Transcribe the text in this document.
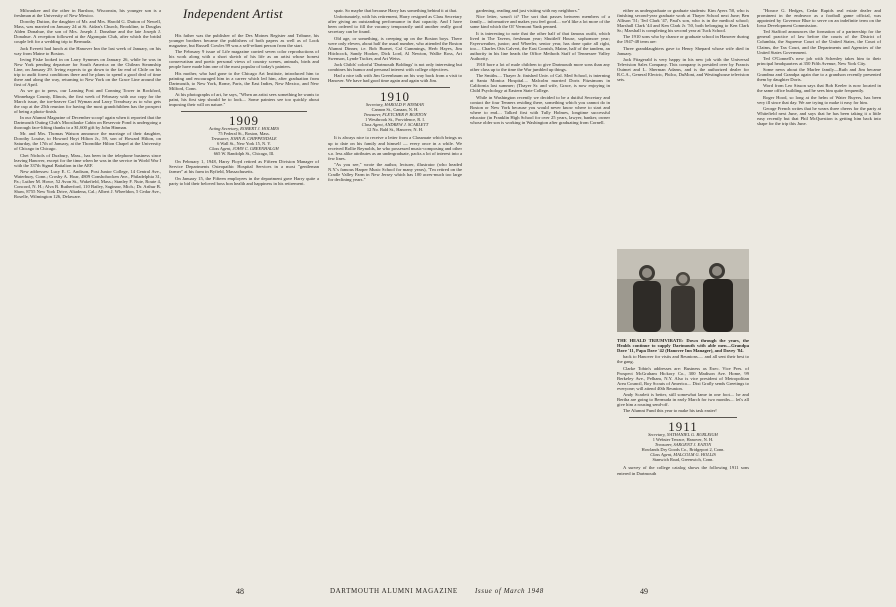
Independent Artist

Milwaukee and the other in Barsboo, Wisconsin, his younger son is a freshman at the University of New Mexico.

Dorothy Dutton, the daughter of Mr. and Mrs. Harold G. Dutton of Newell, Mass, was married on January 24 at St. Aidan's Church, Brookline, to Douglas Alden Donahue, the son of Mrs. Joseph J. Donahue and the late Joseph J. Donahue. A reception followed at the Algonquin Club, after which the bridal couple left for a wedding trip to Bermuda.

Jack Everett had lunch at the Hanover Inn the last week of January, on his way from Maine to Boston.

Irving Fiske looked in on Larry Symmes on January 26, while he was in New York pending departure for South America on the Chilean Steamship Line, on January 29. Irving expects to go down to the far end of Chile on his trip to audit forest conditions there and he plans to spend a good deal of time there and along the way, returning to New York on the Grace Line around the first of April.

As we go to press, our Lansing Post and Conning Tower in Rockford, Winnebago County, Illinois, the first week of February with our copy for the March issue, the toe-heaver Carl Wyman and Larry Treadway as to who gets the cup at the 25th reunion for having the most grandchildren has the prospect of being a photo-finish.

In our Alumni Magazine of December scoop! again when it reported that the Dartmouth Outing Club's Moosilauke Cabin on Reservoir Pond is undergoing a thorough face-lifting thanks to a $1,600 gift by John Hinman.

Mr. and Mrs. Thomas Watson announce the marriage of their daughter, Dorothy Louise, to Howard Hoyt Hilton Jr., 59, son of Howard Hilton, on Saturday, the 17th of January, at the Thorndike Hilton Chapel at the University of Chicago in Chicago.

Chet Nichols of Duxbury, Mass., has been in the telephone business since leaving Hanover, except for the time when he was in the service in World War I with the 337th Signal Battalion in the AEF.

New addresses: Lucy E. C. Andison, Post Junior College, 14 Central Ave., Waterbury, Conn.; Crosby A. Hoar, 4809 Conshohocken Ave., Philadelphia 31, Pa.; Luther M. Howe, 52 Avon St., Wakefield, Mass.; Stanley F. Nute, Route 4, Concord, N. H.; Alva B. Rutherford, 110 Bailey, Saginaw, Mich.; Dr. Arthur B. Shaw, 8755 New York Drive, Altadena, Cal.; Albert J. Wheeldon, 5 Cedar Ave., Roselle, Wilmington 126, Delaware.

His father was the publisher of the Des Moines Register and Tribune, his younger brothers became the publishers of both papers as well as of Look magazine, but Russell Cowles 99 was a self-reliant person from the start.

The February 9 issue of Life magazine carried seven color reproductions of his work along with a short sketch of his life as an artist whose honest conservatism and poetic personal views of country scenes, animals, birds and people have made him one of the most popular of today's painters.

His mother, who had gone to the Chicago Art Institute, introduced him to painting and encouraged him in a career which led him, after graduation from Dartmouth, to New York, Rome, Paris, the East Indies, New Mexico, and New Milford, Conn.

At his photographs of art, he says, "When an artist sees something he wants to paint, his first step should be to look.... Some painters see too quickly about imposing their will on nature."

1909
Acting Secretary, ROBERT J. HOLMES
75 Federal St., Boston, Mass.
Treasurer, JOHN R. CHIPPENDALE
6 Wall St., New York 15, N. Y.
Class Agent, JOHN C. GREENHALGH
665 W. Randolph St., Chicago, Ill.

On February 1, 1948, Harry Floyd retired as Fifteen Division Manager of Service Departments Osteopathic Hospital Services in a most "gentleman farmer" at his farm in Byfield, Massachusetts.

On January 15, the Fifteen employees in the department gave Harry quite a party to bid their beloved boss bon health and happiness in his retirement.

spair. So maybe that because Harry has something behind it at that.

Unfortunately, with his retirement, Harry resigned as Class Secretary after giving an outstanding performance in that capacity. And I have been ordered to fill the vacancy temporarily until another really good secretary can be found.

Old age, or something, is creeping up on the Boston boys. There were only eleven, about half the usual number, who attended the Boston Alumni Dinner, i.e. Bob Burnet, Cal Cummings, Herb Hayes, Jim Hitchcock, Sandy Hooker, Dick Lord, Al Newton, Wallie Ross, Art Swenson, Lynde Tucker, and Art Weiss.

Jack Childs' colorful 'Dartmouth Boldings' is not only interesting but combines his humor and personal interest with college objectives.

Had a nice talk with Jim Greenbaum on his way back from a visit to Hanover. We have had good time again and again with Jim.

1910
Secretary, HAROLD P. HINMAN
Cannon St., Canaan, N. H.
Treasurer, FLETCHER P. BURTON
1 Westbrook St., Providence, R. I.
Class Agent, ANDREW J. SCARLETT
12 No. Bald St., Hanover, N. H.

It is always nice to receive a letter from a Classmate which brings us up to date on his family and himself — every once in a while. We received Rollie Reynolds, he who possessed music-composing and other s.o. less alike attributes as an undergraduate, packs a lot of interest into a few lines.

"As you see," wrote the author, lecturer, illustrator (who headed N.Y.'s famous Harper Music School for many years), "I'm retired on the Cradle Valley Farm in New Jersey which has 100 acres-much too large for declining years."

gardening, reading and just visiting with my neighbors."

Nice letter, wasn't it? The sort that passes between members of a family.... informative and makes you feel good.... we'd like a lot more of the same kind which the Ol' Vermont Yank penned.

It is interesting to note that the other half of that famous outfit, which lived in The Tavern, freshman year; Shuttleff House, sophomore year; Fayerweather, junior; and Wheeler, senior year, has done quite all right, too.... Charles Otis Calvert, the East Cornish, Maine, half of the tandem, an authority in his line heads the Office Methods Staff of Tennessee Valley Authority.

1910 bore a lot of male children to give Dartmouth more sons than any other class up to the time the War jumbled up things.

The Smiths.... Thayer Jr. finished Univ. of Cal. Med School, is interning at Santa Monica Hospital.... Malcolm married Doris Fitzsimons in California last summer; (Thayer Sr. and wife, Grace, is now enjoying in Child Psychology at Eastern State College.

While in Washington recently we decided to be a dutiful Secretary and contact the four Tenners residing there, something which you cannot do in Boston or New York because you would never know where to start and where to end.... Talked first with Tully Holmes, longtime successful educator (in Franklin High School for over 25 years, lawyer, banker, owner whose older son is working in Washington after graduating from Cornell.

either as undergraduate or graduate students: Kim Ayers '50, who is finishing second-year graduate work at Thayer School next June; Ben Allison '51; Ted Clark '47, Paul's son, who is in the medical school; Marshall Clark '44 and Ken Clark Jr. '50, both belonging to Ken Clark Sr.; Marshall is completing his second year at Tuck School.

The 1910 sons who by chance or graduate school in Hanover during the 1947-48 term are:

Three granddaughters gave to Henry Shepard whose wife died in January.

Jack Fitzgerald is very happy in his new job with the Universal Television Sales Company. This company is presided over by Francis Ouimet and L. Sherman Adams, and is the authorized dealer for R.C.A., General Electric, Philco, DuMont, and Westinghouse television sets.

THE HEALD TRIUMVIRATE: Down through the years, the Healds continue to supply Dartmouth with able men—Grandpa Dave '11, Papa Dave '42 (Hanover Inn Manager), and Davey '84.

back to Hanover for visits and Reunions..... and all sent their best to the gang.

Clarke Tobin's addresses are: Business as Exec. Vice Pres. of Prospect McGraham Hickory Co., 300 Madison Ave. Home, 99 Berkeley Ave., Pelham, N.Y. Also is vice president of Metropolitan Area Council, Boy Scouts of America.... Dixi Grafly sends Greetings to everyone; will attend 40th Reunion.

Andy Scarlett is better, still somewhat lame in one foot.... he and Bertha are going to Bermuda in early March for two months.... let's all give him a rousing send-off.

The Alumni Fund this year to make his task easier!

1911
Secretary, NATHANIEL G. BURLEIGH
1 Webster Terrace, Hanover, N. H.
Treasurer, SARGENT J. EATON
Howlands Dry Goods Co., Bridgeport 2, Conn.
Class Agent, MALCOLM G. HOLLIS
Stanwich Road, Greenwich, Conn.

A survey of the college catalog shows the following 1911 sons entered in Dartmouth

"Horace G. Hedges, Cedar Rapids real estate dealer and prominent in the endeavor as a football game official, was appointed by Governor Blue to serve on an indefinite term on the Iowa Development Commission.

Ted Stafford announces the formation of a partnership for the general practice of law before the courts of the District of Columbia, the Supreme Court of the United States, the Court of Claims, the Tax Court, and the Departments and Agencies of the United States Government.

Ted O'Connell's new job with Schenley takes him to their principal headquarters at 350 Fifth Avenue, New York City.

Some news about the Marlee family—Ruth and Jim became Grandma and Grandpa again due to a grandson recently presented them by daughter Doris.

Word from Leo Sisson says that Bob Keeler is now located in the same office building, and he sees him quite frequently.

Roger Hood, so long at the helm of Water Buyers, has been very ill since that day. We are trying to make it easy for him.

George French writes that he wears three cheers for the party at Whitefield next June, and says that he has been taking it a little easy recently but that Phil McQuestion is getting him back into shape for the trip this June.

48	DARTMOUTH ALUMNI MAGAZINE Issue of March 1948	49
